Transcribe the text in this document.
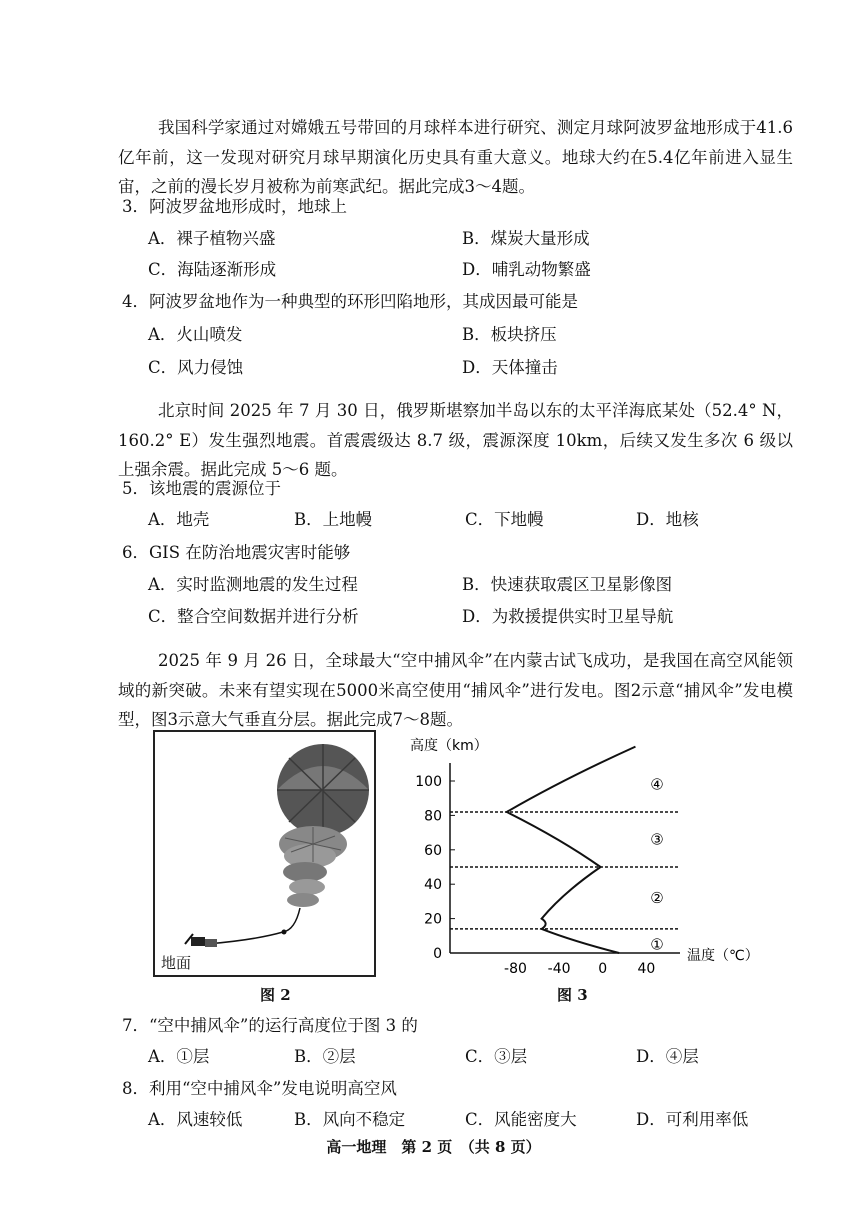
我国科学家通过对嫦娥五号带回的月球样本进行研究、测定月球阿波罗盆地形成于41.6亿年前，这一发现对研究月球早期演化历史具有重大意义。地球大约在5.4亿年前进入显生宙，之前的漫长岁月被称为前寒武纪。据此完成3～4题。
3．阿波罗盆地形成时，地球上
A．裸子植物兴盛	B．煤炭大量形成
C．海陆逐渐形成	D．哺乳动物繁盛
4．阿波罗盆地作为一种典型的环形凹陷地形，其成因最可能是
A．火山喷发	B．板块挤压
C．风力侵蚀	D．天体撞击
北京时间 2025 年 7 月 30 日，俄罗斯堪察加半岛以东的太平洋海底某处（52.4° N，160.2° E）发生强烈地震。首震震级达 8.7 级，震源深度 10km，后续又发生多次 6 级以上强余震。据此完成 5～6 题。
5．该地震的震源位于
A．地壳	B．上地幔	C．下地幔	D．地核
6．GIS 在防治地震灾害时能够
A．实时监测地震的发生过程	B．快速获取震区卫星影像图
C．整合空间数据并进行分析	D．为救援提供实时卫星导航
2025 年 9 月 26 日，全球最大“空中捕风伞”在内蒙古试飞成功，是我国在高空风能领域的新突破。未来有望实现在5000米高空使用“捕风伞”进行发电。图2示意“捕风伞”发电模型，图3示意大气垂直分层。据此完成7～8题。
地面
图 2
高度（km）
温度（℃）
0
20
40
60
80
100
-80 -40 0 40
①
②
③
④
图 3
7．“空中捕风伞”的运行高度位于图 3 的
A．①层	B．②层	C．③层	D．④层
8．利用“空中捕风伞”发电说明高空风
A．风速较低	B．风向不稳定	C．风能密度大	D．可利用率低
高一地理　第 2 页　（共 8 页）
